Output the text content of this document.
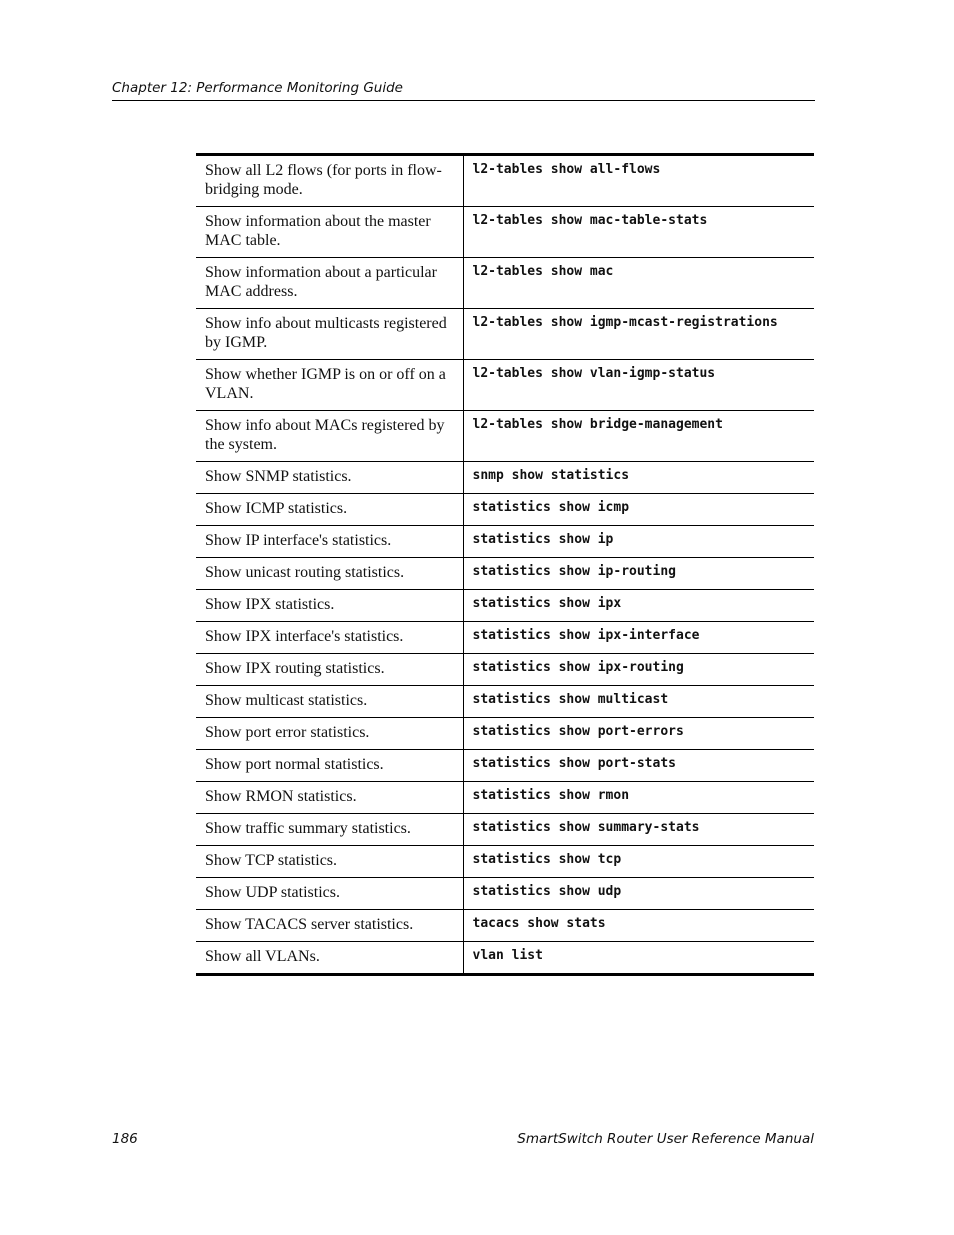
Chapter 12: Performance Monitoring Guide
Show all L2 flows (for ports in flow-bridging mode.	l2-tables show all-flows
Show information about the master MAC table.	l2-tables show mac-table-stats
Show information about a particular MAC address.	l2-tables show mac
Show info about multicasts registered by IGMP.	l2-tables show igmp-mcast-registrations
Show whether IGMP is on or off on a VLAN.	l2-tables show vlan-igmp-status
Show info about MACs registered by the system.	l2-tables show bridge-management
Show SNMP statistics.	snmp show statistics
Show ICMP statistics.	statistics show icmp
Show IP interface's statistics.	statistics show ip
Show unicast routing statistics.	statistics show ip-routing
Show IPX statistics.	statistics show ipx
Show IPX interface's statistics.	statistics show ipx-interface
Show IPX routing statistics.	statistics show ipx-routing
Show multicast statistics.	statistics show multicast
Show port error statistics.	statistics show port-errors
Show port normal statistics.	statistics show port-stats
Show RMON statistics.	statistics show rmon
Show traffic summary statistics.	statistics show summary-stats
Show TCP statistics.	statistics show tcp
Show UDP statistics.	statistics show udp
Show TACACS server statistics.	tacacs show stats
Show all VLANs.	vlan list
186	SmartSwitch Router User Reference Manual
